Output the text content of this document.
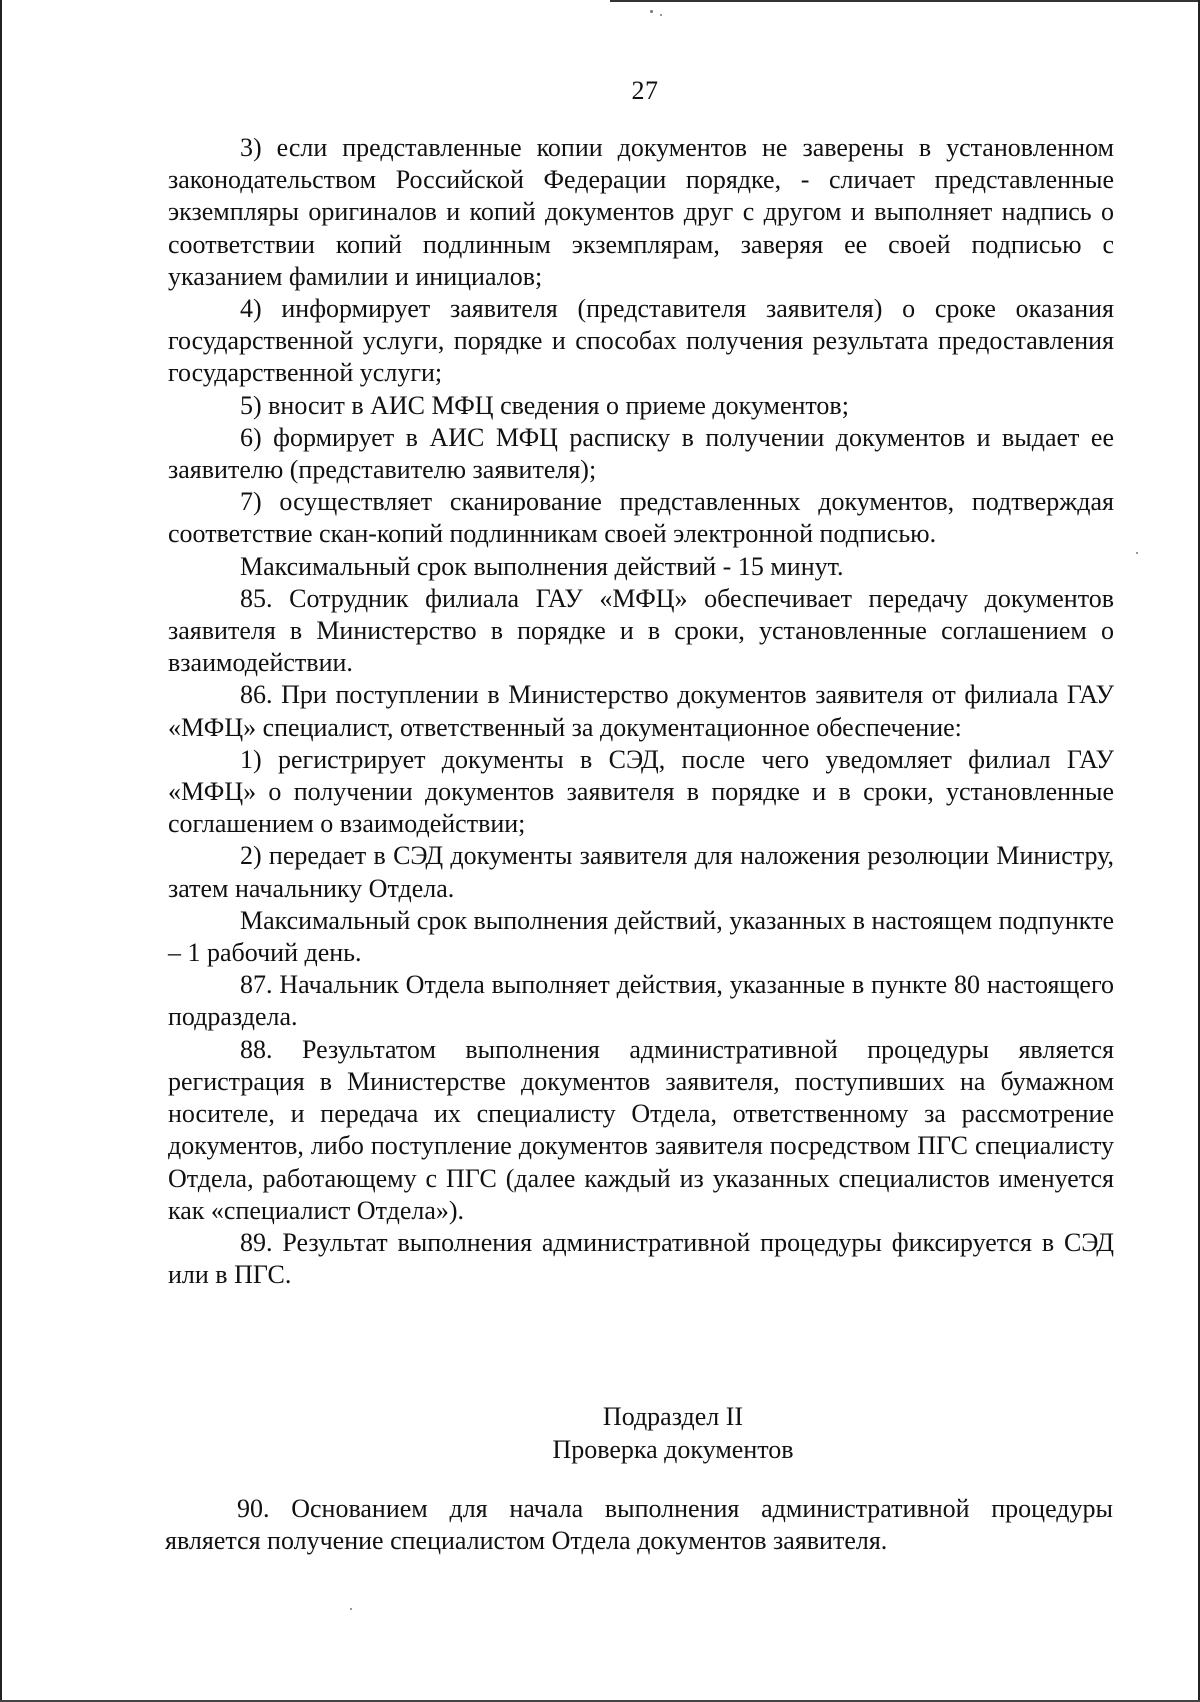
27

3) если представленные копии документов не заверены в установленном законодательством Российской Федерации порядке, - сличает представленные экземпляры оригиналов и копий документов друг с другом и выполняет надпись о соответствии копий подлинным экземплярам, заверяя ее своей подписью с указанием фамилии и инициалов;

4) информирует заявителя (представителя заявителя) о сроке оказания государственной услуги, порядке и способах получения результата предоставления государственной услуги;

5) вносит в АИС МФЦ сведения о приеме документов;

6) формирует в АИС МФЦ расписку в получении документов и выдает ее заявителю (представителю заявителя);

7) осуществляет сканирование представленных документов, подтверждая соответствие скан-копий подлинникам своей электронной подписью.

Максимальный срок выполнения действий - 15 минут.

85. Сотрудник филиала ГАУ «МФЦ» обеспечивает передачу документов заявителя в Министерство в порядке и в сроки, установленные соглашением о взаимодействии.

86. При поступлении в Министерство документов заявителя от филиала ГАУ «МФЦ» специалист, ответственный за документационное обеспечение:

1) регистрирует документы в СЭД, после чего уведомляет филиал ГАУ «МФЦ» о получении документов заявителя в порядке и в сроки, установленные соглашением о взаимодействии;

2) передает в СЭД документы заявителя для наложения резолюции Министру, затем начальнику Отдела.

Максимальный срок выполнения действий, указанных в настоящем подпункте – 1 рабочий день.

87. Начальник Отдела выполняет действия, указанные в пункте 80 настоящего подраздела.

88. Результатом выполнения административной процедуры является регистрация в Министерстве документов заявителя, поступивших на бумажном носителе, и передача их специалисту Отдела, ответственному за рассмотрение документов, либо поступление документов заявителя посредством ПГС специалисту Отдела, работающему с ПГС (далее каждый из указанных специалистов именуется как «специалист Отдела»).

89. Результат выполнения административной процедуры фиксируется в СЭД или в ПГС.

Подраздел II
Проверка документов

90. Основанием для начала выполнения административной процедуры является получение специалистом Отдела документов заявителя.
